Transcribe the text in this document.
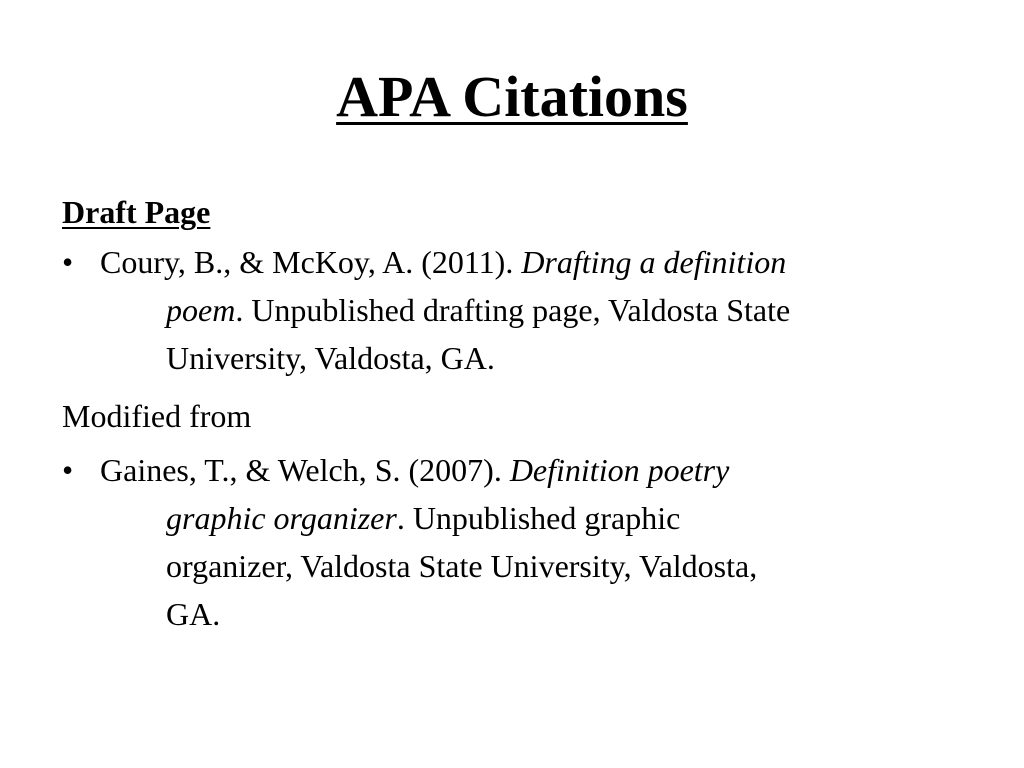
APA Citations

Draft Page

• Coury, B., & McKoy, A. (2011). Drafting a definition
poem. Unpublished drafting page, Valdosta State
University, Valdosta, GA.

Modified from

• Gaines, T., & Welch, S. (2007). Definition poetry
graphic organizer. Unpublished graphic
organizer, Valdosta State University, Valdosta,
GA.
